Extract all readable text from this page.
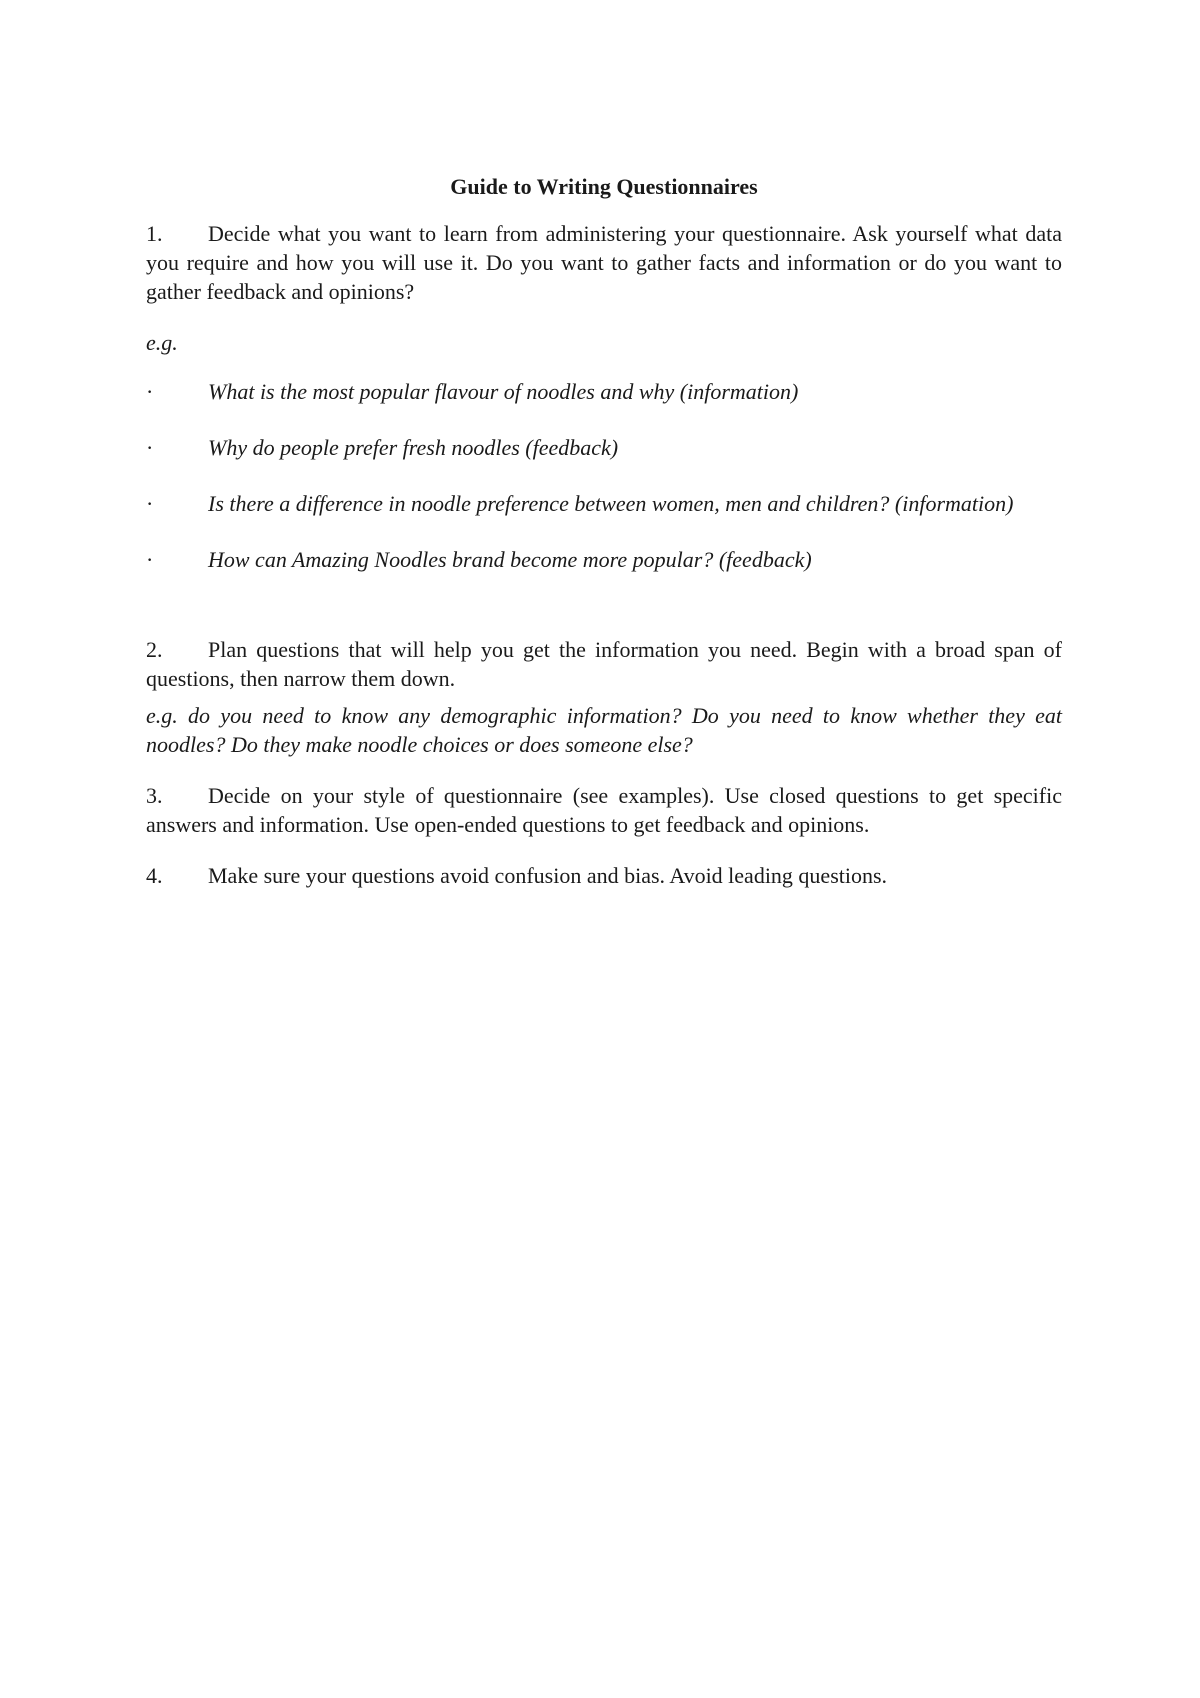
Guide to Writing Questionnaires

1. Decide what you want to learn from administering your questionnaire. Ask yourself what data you require and how you will use it. Do you want to gather facts and information or do you want to gather feedback and opinions?

e.g.
· What is the most popular flavour of noodles and why (information)
· Why do people prefer fresh noodles (feedback)
· Is there a difference in noodle preference between women, men and children? (information)
· How can Amazing Noodles brand become more popular? (feedback)

2. Plan questions that will help you get the information you need. Begin with a broad span of questions, then narrow them down.

e.g. do you need to know any demographic information? Do you need to know whether they eat noodles? Do they make noodle choices or does someone else?

3. Decide on your style of questionnaire (see examples). Use closed questions to get specific answers and information. Use open-ended questions to get feedback and opinions.

4. Make sure your questions avoid confusion and bias. Avoid leading questions.
